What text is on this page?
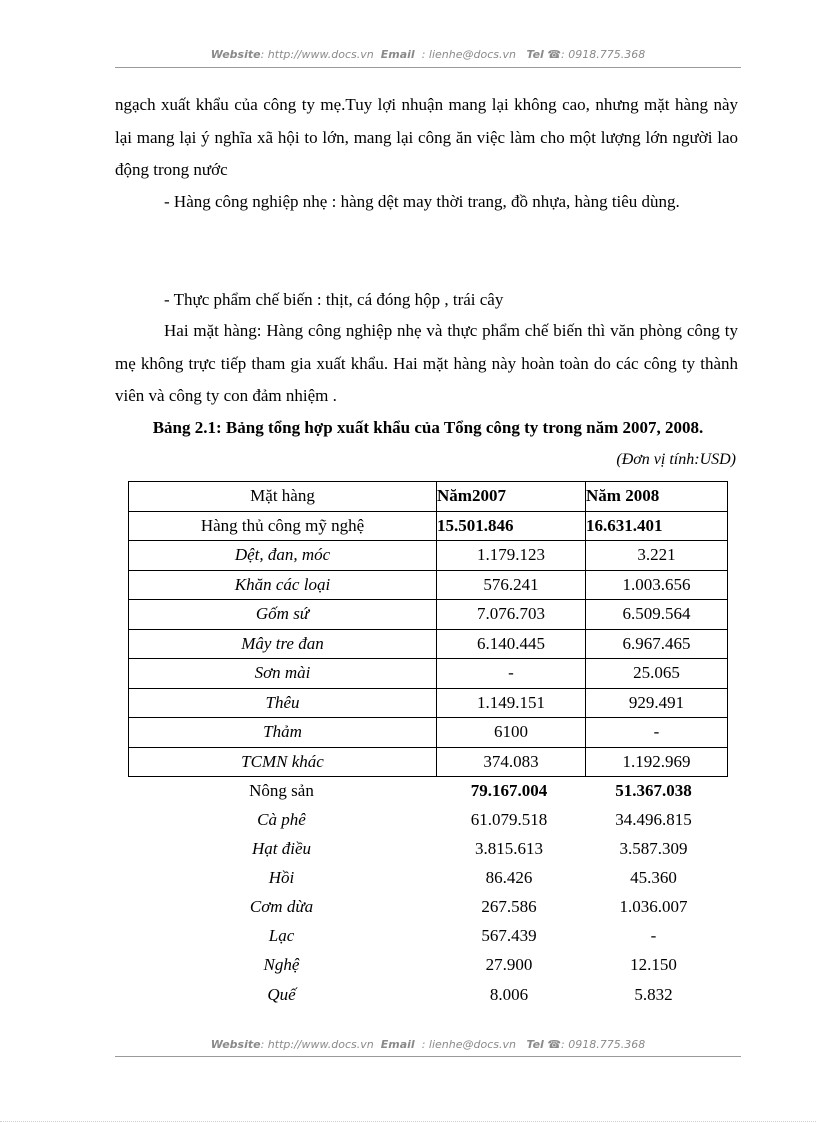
Website: http://www.docs.vn Email : lienhe@docs.vn Tel ☎: 0918.775.368
ngạch xuất khẩu của công ty mẹ.Tuy lợi nhuận mang lại không cao, nhưng mặt hàng này lại mang lại ý nghĩa xã hội to lớn, mang lại công ăn việc làm cho một lượng lớn người lao động trong nước
- Hàng công nghiệp nhẹ : hàng dệt may thời trang, đồ nhựa, hàng tiêu dùng.
- Thực phẩm chế biến : thịt, cá đóng hộp , trái cây
Hai mặt hàng: Hàng công nghiệp nhẹ và thực phẩm chế biến thì văn phòng công ty mẹ không trực tiếp tham gia xuất khẩu. Hai mặt hàng này hoàn toàn do các công ty thành viên và công ty con đảm nhiệm .
Bảng 2.1: Bảng tổng hợp xuất khẩu của Tổng công ty trong năm 2007, 2008.
(Đơn vị tính:USD)
Mặt hàng	Năm2007	Năm 2008
Hàng thủ công mỹ nghệ	15.501.846	16.631.401
Dệt, đan, móc	1.179.123	3.221
Khăn các loại	576.241	1.003.656
Gốm sứ	7.076.703	6.509.564
Mây tre đan	6.140.445	6.967.465
Sơn mài	-	25.065
Thêu	1.149.151	929.491
Thảm	6100	-
TCMN khác	374.083	1.192.969
Nông sản	79.167.004	51.367.038
Cà phê	61.079.518	34.496.815
Hạt điều	3.815.613	3.587.309
Hồi	86.426	45.360
Cơm dừa	267.586	1.036.007
Lạc	567.439	-
Nghệ	27.900	12.150
Quế	8.006	5.832
Website: http://www.docs.vn Email : lienhe@docs.vn Tel ☎: 0918.775.368
